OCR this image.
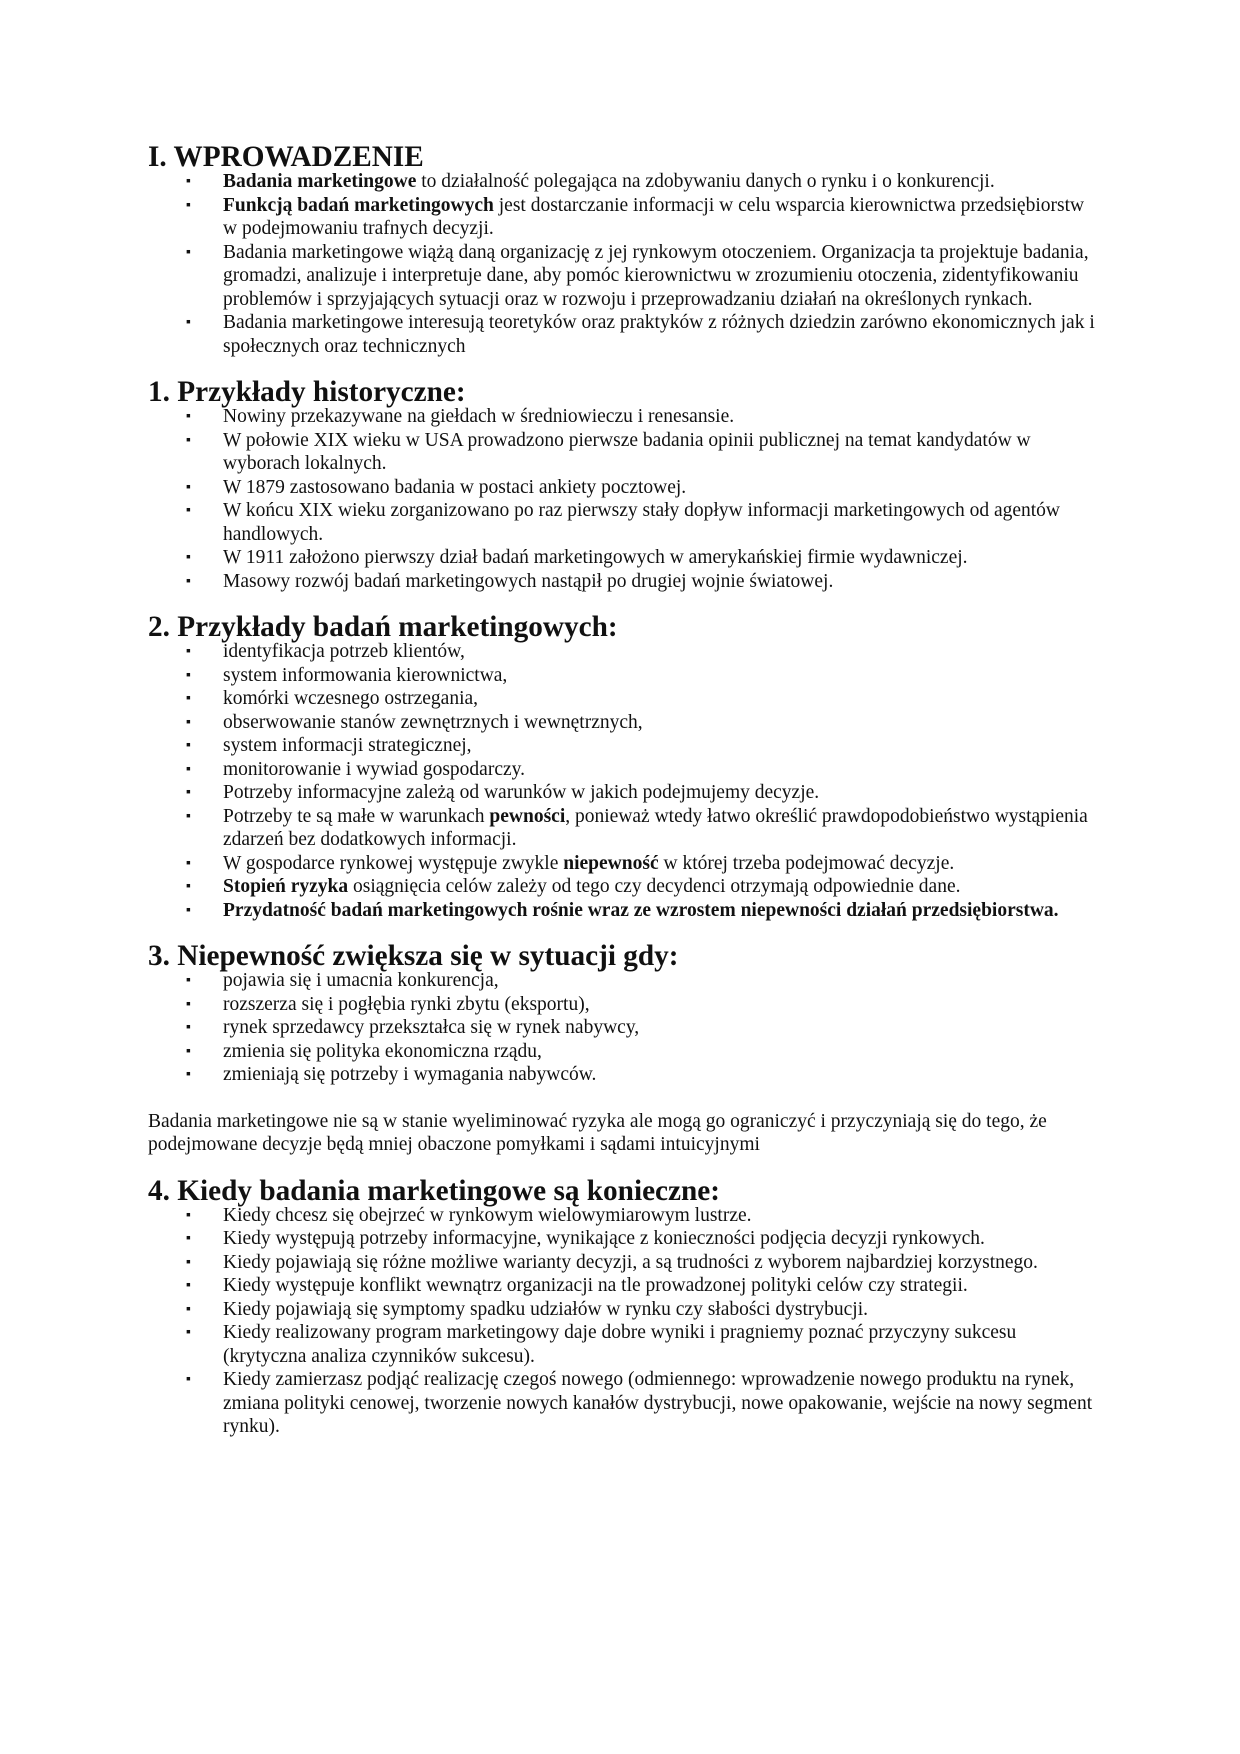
I. WPROWADZENIE
▪ Badania marketingowe to działalność polegająca na zdobywaniu danych o rynku i o konkurencji.
▪ Funkcją badań marketingowych jest dostarczanie informacji w celu wsparcia kierownictwa przedsiębiorstw w podejmowaniu trafnych decyzji.
▪ Badania marketingowe wiążą daną organizację z jej rynkowym otoczeniem. Organizacja ta projektuje badania, gromadzi, analizuje i interpretuje dane, aby pomóc kierownictwu w zrozumieniu otoczenia, zidentyfikowaniu problemów i sprzyjających sytuacji oraz w rozwoju i przeprowadzaniu działań na określonych rynkach.
▪ Badania marketingowe interesują teoretyków oraz praktyków z różnych dziedzin zarówno ekonomicznych jak i społecznych oraz technicznych
1. Przykłady historyczne:
▪ Nowiny przekazywane na giełdach w średniowieczu i renesansie.
▪ W połowie XIX wieku w USA prowadzono pierwsze badania opinii publicznej na temat kandydatów w wyborach lokalnych.
▪ W 1879 zastosowano badania w postaci ankiety pocztowej.
▪ W końcu XIX wieku zorganizowano po raz pierwszy stały dopływ informacji marketingowych od agentów handlowych.
▪ W 1911 założono pierwszy dział badań marketingowych w amerykańskiej firmie wydawniczej.
▪ Masowy rozwój badań marketingowych nastąpił po drugiej wojnie światowej.
2. Przykłady badań marketingowych:
▪ identyfikacja potrzeb klientów,
▪ system informowania kierownictwa,
▪ komórki wczesnego ostrzegania,
▪ obserwowanie stanów zewnętrznych i wewnętrznych,
▪ system informacji strategicznej,
▪ monitorowanie i wywiad gospodarczy.
▪ Potrzeby informacyjne zależą od warunków w jakich podejmujemy decyzje.
▪ Potrzeby te są małe w warunkach pewności, ponieważ wtedy łatwo określić prawdopodobieństwo wystąpienia zdarzeń bez dodatkowych informacji.
▪ W gospodarce rynkowej występuje zwykle niepewność w której trzeba podejmować decyzje.
▪ Stopień ryzyka osiągnięcia celów zależy od tego czy decydenci otrzymają odpowiednie dane.
▪ Przydatność badań marketingowych rośnie wraz ze wzrostem niepewności działań przedsiębiorstwa.
3. Niepewność zwiększa się w sytuacji gdy:
▪ pojawia się i umacnia konkurencja,
▪ rozszerza się i pogłębia rynki zbytu (eksportu),
▪ rynek sprzedawcy przekształca się w rynek nabywcy,
▪ zmienia się polityka ekonomiczna rządu,
▪ zmieniają się potrzeby i wymagania nabywców.

Badania marketingowe nie są w stanie wyeliminować ryzyka ale mogą go ograniczyć i przyczyniają się do tego, że podejmowane decyzje będą mniej obaczone pomyłkami i sądami intuicyjnymi

4. Kiedy badania marketingowe są konieczne:
▪ Kiedy chcesz się obejrzeć w rynkowym wielowymiarowym lustrze.
▪ Kiedy występują potrzeby informacyjne, wynikające z konieczności podjęcia decyzji rynkowych.
▪ Kiedy pojawiają się różne możliwe warianty decyzji, a są trudności z wyborem najbardziej korzystnego.
▪ Kiedy występuje konflikt wewnątrz organizacji na tle prowadzonej polityki celów czy strategii.
▪ Kiedy pojawiają się symptomy spadku udziałów w rynku czy słabości dystrybucji.
▪ Kiedy realizowany program marketingowy daje dobre wyniki i pragniemy poznać przyczyny sukcesu (krytyczna analiza czynników sukcesu).
▪ Kiedy zamierzasz podjąć realizację czegoś nowego (odmiennego: wprowadzenie nowego produktu na rynek, zmiana polityki cenowej, tworzenie nowych kanałów dystrybucji, nowe opakowanie, wejście na nowy segment rynku).
